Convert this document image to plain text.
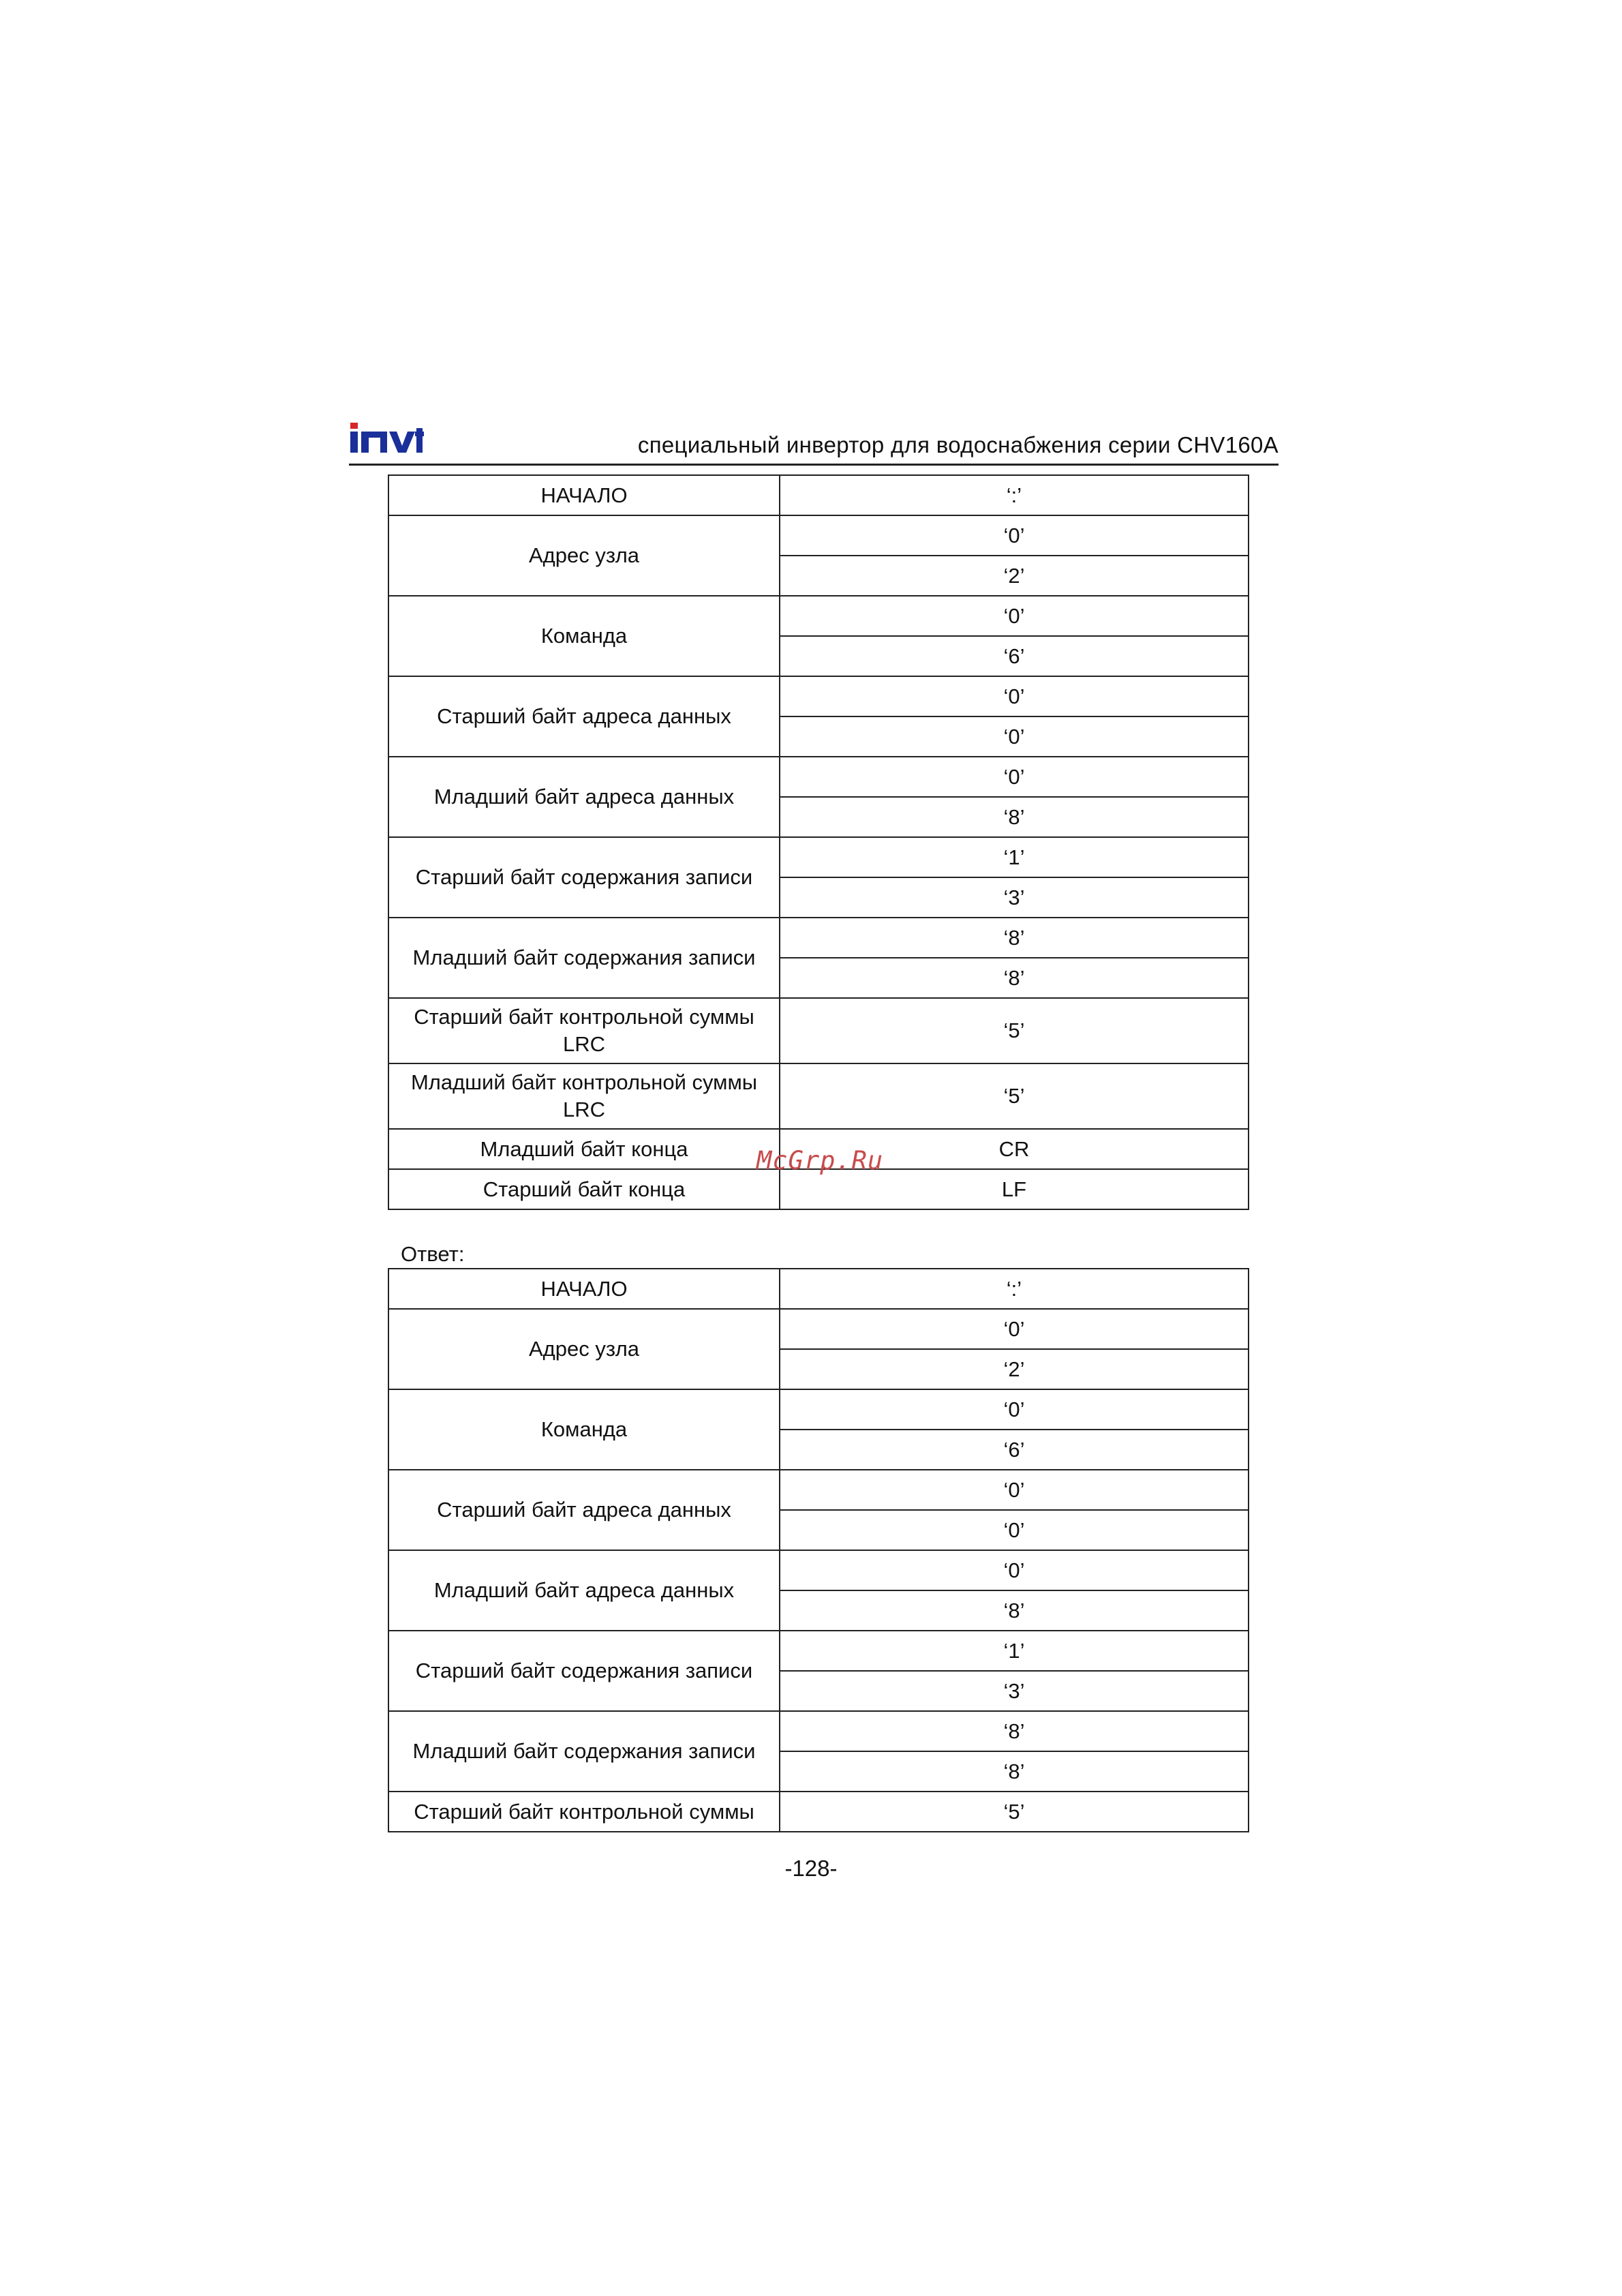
специальный инвертор для водоснабжения серии CHV160A
НАЧАЛО	‘:’
Адрес узла	‘0’
	‘2’
Команда	‘0’
	‘6’
Старший байт адреса данных	‘0’
	‘0’
Младший байт адреса данных	‘0’
	‘8’
Старший байт содержания записи	‘1’
	‘3’
Младший байт содержания записи	‘8’
	‘8’

Старший байт контрольной суммы
LRC	‘5’

Младший байт контрольной суммы
LRC	‘5’
Младший байт конца	CR
Старший байт конца	LF
Ответ:
НАЧАЛО	‘:’
Адрес узла	‘0’
	‘2’
Команда	‘0’
	‘6’
Старший байт адреса данных	‘0’
	‘0’
Младший байт адреса данных	‘0’
	‘8’
Старший байт содержания записи	‘1’
	‘3’
Младший байт содержания записи	‘8’
	‘8’
Старший байт контрольной суммы	‘5’
McGrp.Ru
-128-
